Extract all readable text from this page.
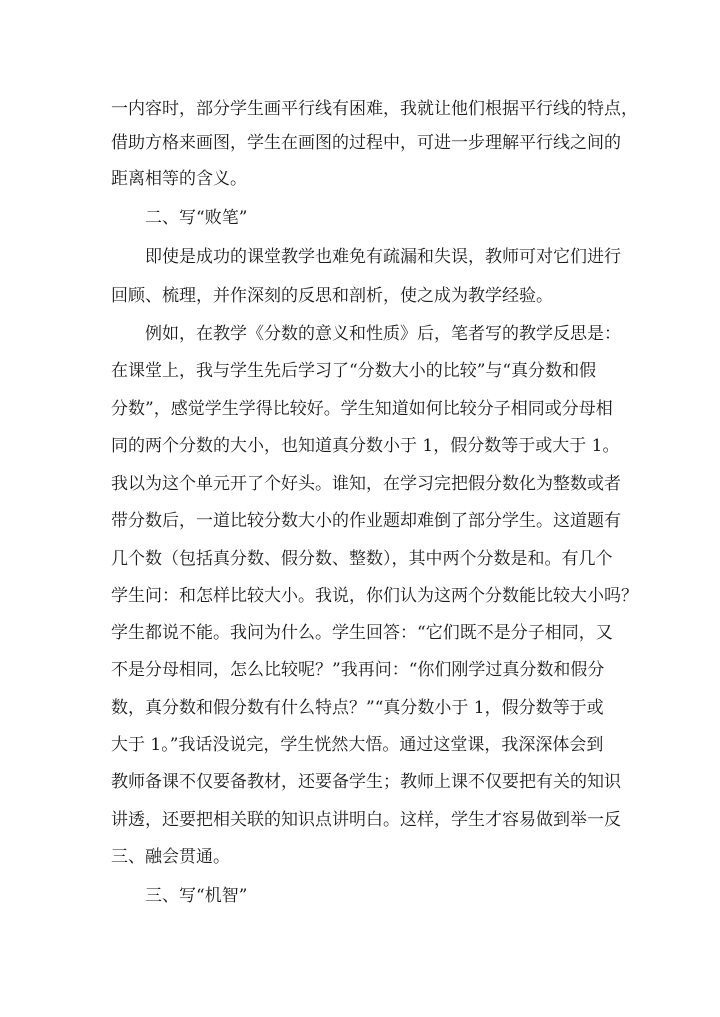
一内容时，部分学生画平行线有困难，我就让他们根据平行线的特点，
借助方格来画图，学生在画图的过程中，可进一步理解平行线之间的
距离相等的含义。
二、写“败笔”
即使是成功的课堂教学也难免有疏漏和失误，教师可对它们进行
回顾、梳理，并作深刻的反思和剖析，使之成为教学经验。
例如，在教学《分数的意义和性质》后，笔者写的教学反思是：
在课堂上，我与学生先后学习了“分数大小的比较”与“真分数和假
分数”，感觉学生学得比较好。学生知道如何比较分子相同或分母相
同的两个分数的大小，也知道真分数小于 1，假分数等于或大于 1。
我以为这个单元开了个好头。谁知，在学习完把假分数化为整数或者
带分数后，一道比较分数大小的作业题却难倒了部分学生。这道题有
几个数（包括真分数、假分数、整数），其中两个分数是和。有几个
学生问：和怎样比较大小。我说，你们认为这两个分数能比较大小吗？
学生都说不能。我问为什么。学生回答：“它们既不是分子相同，又
不是分母相同，怎么比较呢？”我再问：“你们刚学过真分数和假分
数，真分数和假分数有什么特点？”“真分数小于 1，假分数等于或
大于 1。”我话没说完，学生恍然大悟。通过这堂课，我深深体会到
教师备课不仅要备教材，还要备学生；教师上课不仅要把有关的知识
讲透，还要把相关联的知识点讲明白。这样，学生才容易做到举一反
三、融会贯通。
三、写“机智”
